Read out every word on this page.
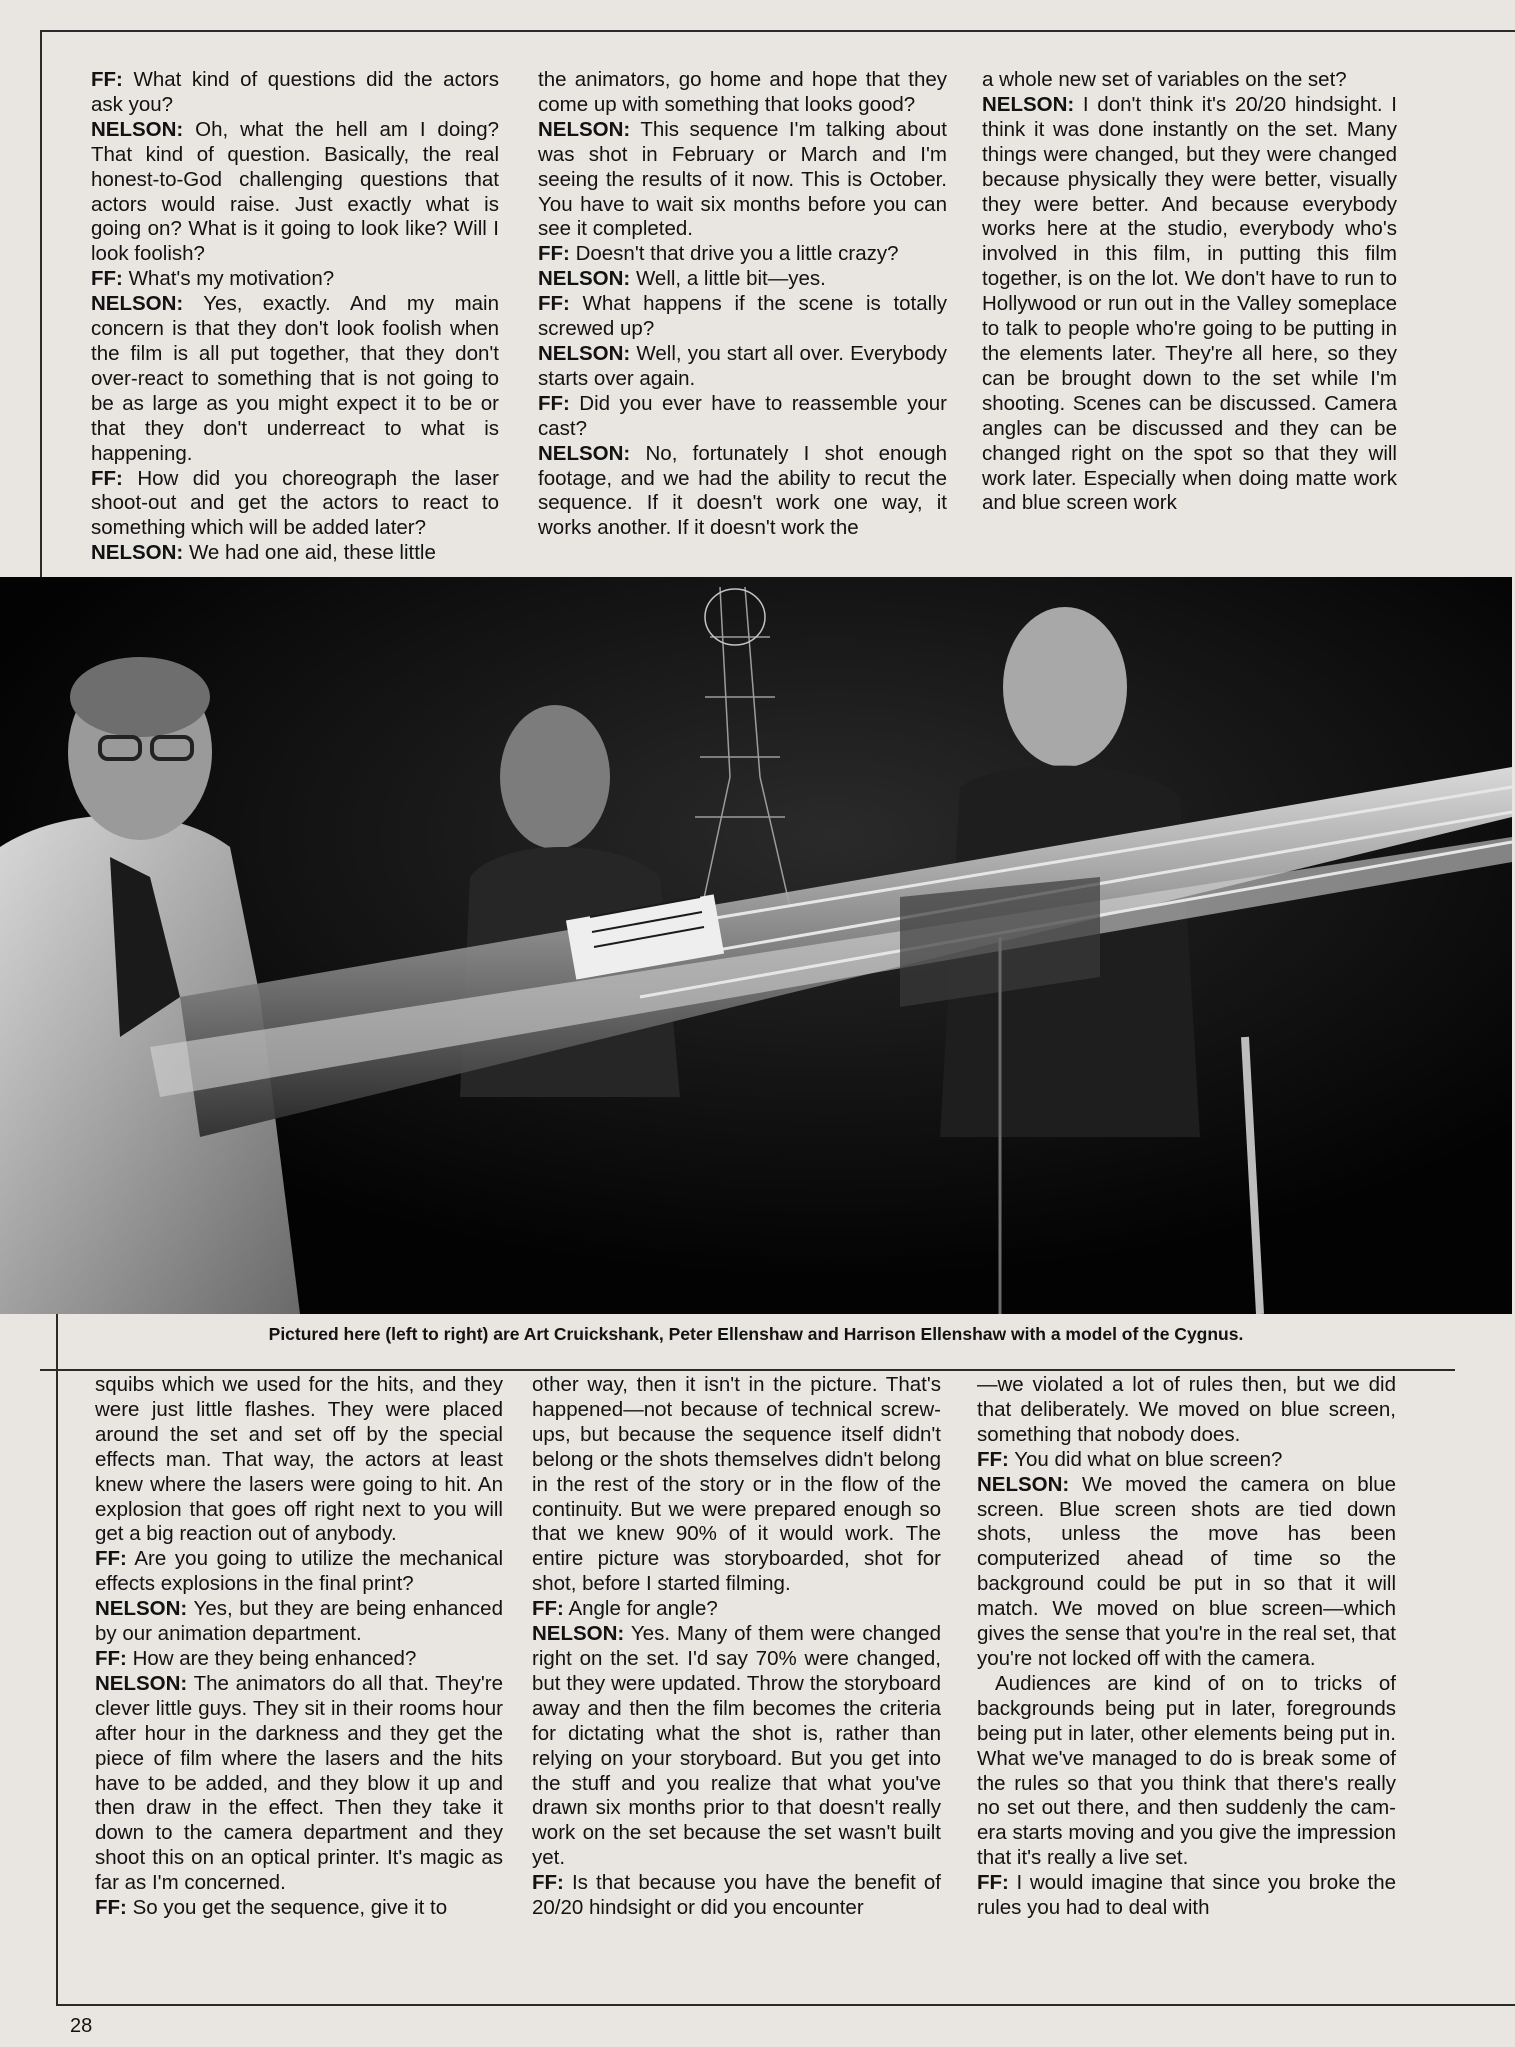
FF: What kind of questions did the actors ask you?

NELSON: Oh, what the hell am I doing? That kind of question. Basically, the real honest-to-God challenging questions that actors would raise. Just exactly what is going on? What is it going to look like? Will I look foolish?

FF: What's my motivation?

NELSON: Yes, exactly. And my main concern is that they don't look foolish when the film is all put together, that they don't over-react to something that is not going to be as large as you might expect it to be or that they don't underreact to what is happening.

FF: How did you choreograph the laser shoot-out and get the actors to react to something which will be added later?

NELSON: We had one aid, these little

the animators, go home and hope that they come up with something that looks good?

NELSON: This sequence I'm talking about was shot in February or March and I'm seeing the results of it now. This is October. You have to wait six months before you can see it completed.

FF: Doesn't that drive you a little crazy?

NELSON: Well, a little bit—yes.

FF: What happens if the scene is totally screwed up?

NELSON: Well, you start all over. Everybody starts over again.

FF: Did you ever have to reassemble your cast?

NELSON: No, fortunately I shot enough footage, and we had the ability to recut the sequence. If it doesn't work one way, it works another. If it doesn't work the

a whole new set of variables on the set?

NELSON: I don't think it's 20/20 hindsight. I think it was done instantly on the set. Many things were changed, but they were changed because physically they were better, visually they were better. And because everybody works here at the studio, everybody who's involved in this film, in putting this film together, is on the lot. We don't have to run to Hollywood or run out in the Valley someplace to talk to people who're going to be putting in the elements later. They're all here, so they can be brought down to the set while I'm shooting. Scenes can be discussed. Camera angles can be discussed and they can be changed right on the spot so that they will work later. Especially when doing matte work and blue screen work

Pictured here (left to right) are Art Cruickshank, Peter Ellenshaw and Harrison Ellenshaw with a model of the Cygnus.

squibs which we used for the hits, and they were just little flashes. They were placed around the set and set off by the special effects man. That way, the actors at least knew where the lasers were going to hit. An explosion that goes off right next to you will get a big reaction out of anybody.

FF: Are you going to utilize the mechanical effects explosions in the final print?

NELSON: Yes, but they are being enhanced by our animation department.

FF: How are they being enhanced?

NELSON: The animators do all that. They're clever little guys. They sit in their rooms hour after hour in the darkness and they get the piece of film where the lasers and the hits have to be added, and they blow it up and then draw in the effect. Then they take it down to the camera department and they shoot this on an optical printer. It's magic as far as I'm concerned.

FF: So you get the sequence, give it to

other way, then it isn't in the picture. That's happened—not because of technical screw-ups, but because the sequence itself didn't belong or the shots themselves didn't belong in the rest of the story or in the flow of the continuity. But we were prepared enough so that we knew 90% of it would work. The entire picture was storyboarded, shot for shot, before I started filming.

FF: Angle for angle?

NELSON: Yes. Many of them were changed right on the set. I'd say 70% were changed, but they were updated. Throw the storyboard away and then the film becomes the criteria for dictating what the shot is, rather than relying on your storyboard. But you get into the stuff and you realize that what you've drawn six months prior to that doesn't really work on the set because the set wasn't built yet.

FF: Is that because you have the benefit of 20/20 hindsight or did you encounter

—we violated a lot of rules then, but we did that deliberately. We moved on blue screen, something that nobody does.

FF: You did what on blue screen?

NELSON: We moved the camera on blue screen. Blue screen shots are tied down shots, unless the move has been computerized ahead of time so the background could be put in so that it will match. We moved on blue screen—which gives the sense that you're in the real set, that you're not locked off with the camera.

Audiences are kind of on to tricks of backgrounds being put in later, foregrounds being put in later, other elements being put in. What we've managed to do is break some of the rules so that you think that there's really no set out there, and then suddenly the camera starts moving and you give the impression that it's really a live set.

FF: I would imagine that since you broke the rules you had to deal with

28
